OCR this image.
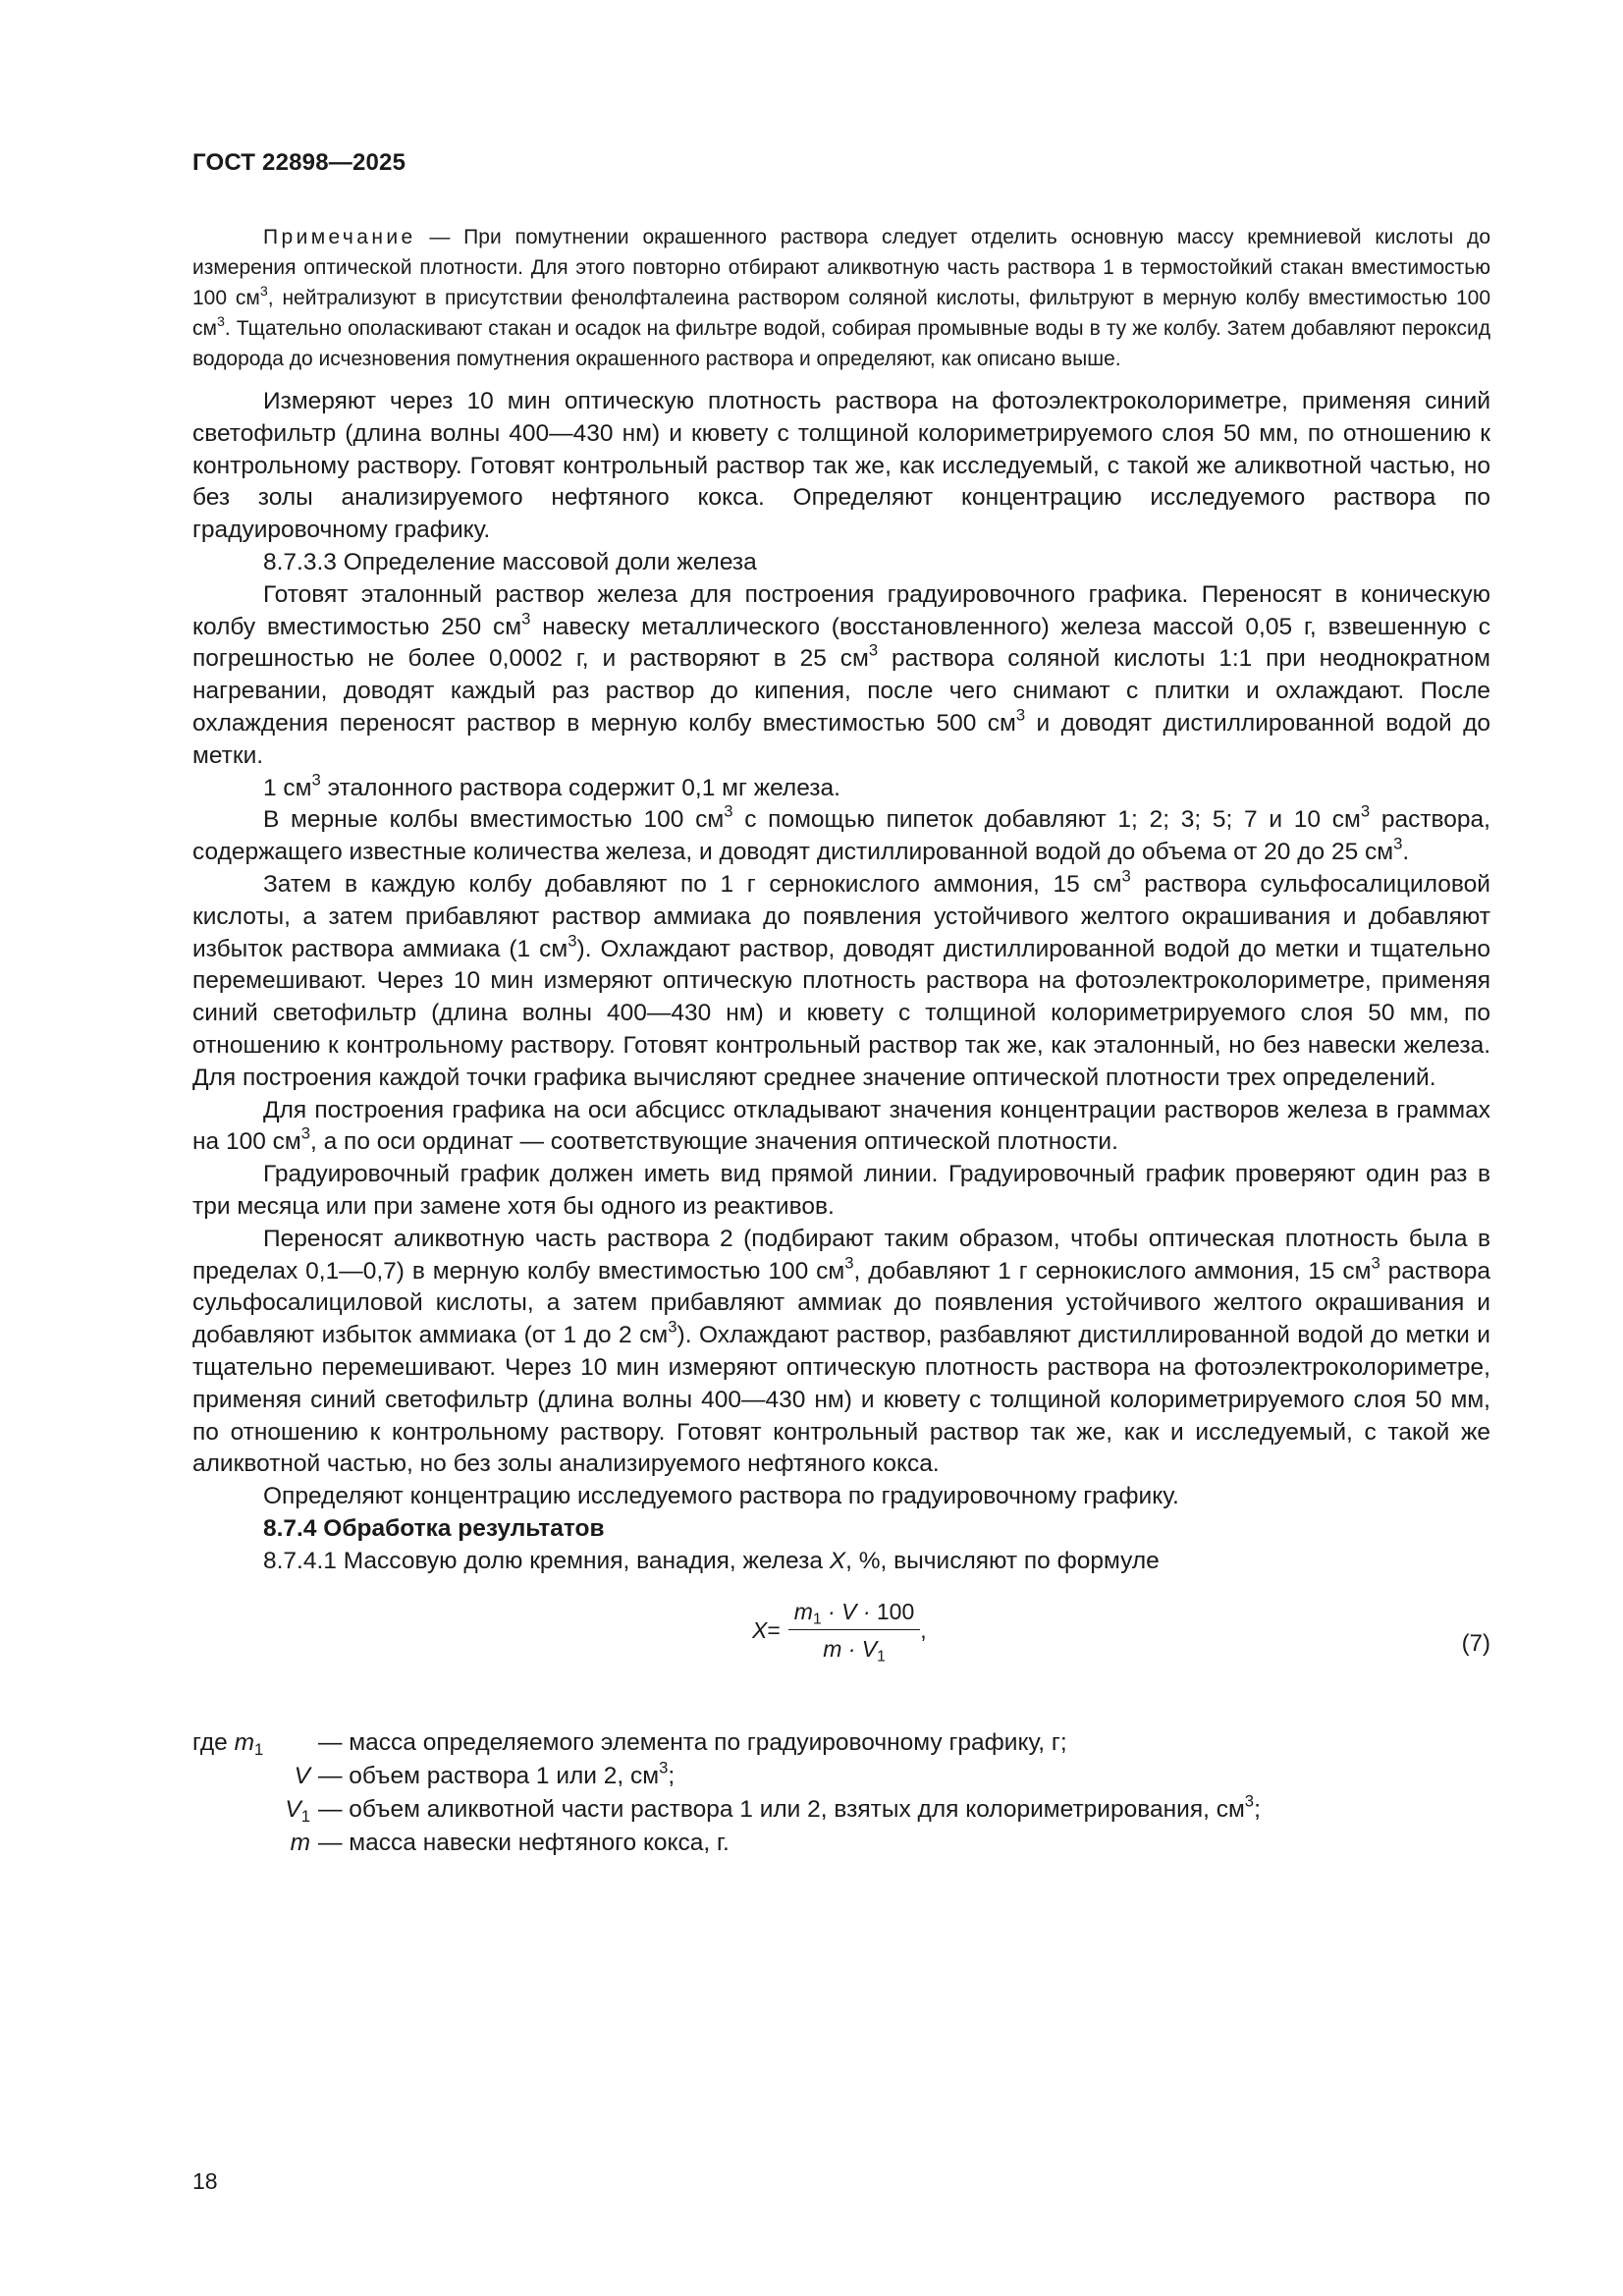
ГОСТ 22898—2025

Примечание — При помутнении окрашенного раствора следует отделить основную массу кремниевой кислоты до измерения оптической плотности. Для этого повторно отбирают аликвотную часть раствора 1 в термостойкий стакан вместимостью 100 $см^3$, нейтрализуют в присутствии фенолфталеина раствором соляной кислоты, фильтруют в мерную колбу вместимостью 100 $см^3$. Тщательно ополаскивают стакан и осадок на фильтре водой, собирая промывные воды в ту же колбу. Затем добавляют пероксид водорода до исчезновения помутнения окрашенного раствора и определяют, как описано выше.

Измеряют через 10 мин оптическую плотность раствора на фотоэлектроколориметре, применяя синий светофильтр (длина волны 400—430 нм) и кювету с толщиной колориметрируемого слоя 50 мм, по отношению к контрольному раствору. Готовят контрольный раствор так же, как исследуемый, с такой же аликвотной частью, но без золы анализируемого нефтяного кокса. Определяют концентрацию исследуемого раствора по градуировочному графику.

8.7.3.3 Определение массовой доли железа

Готовят эталонный раствор железа для построения градуировочного графика. Переносят в коническую колбу вместимостью 250 $см^3$ навеску металлического (восстановленного) железа массой 0,05 г, взвешенную с погрешностью не более 0,0002 г, и растворяют в 25 $см^3$ раствора соляной кислоты 1:1 при неоднократном нагревании, доводят каждый раз раствор до кипения, после чего снимают с плитки и охлаждают. После охлаждения переносят раствор в мерную колбу вместимостью 500 $см^3$ и доводят дистиллированной водой до метки.

1 $см^3$ эталонного раствора содержит 0,1 мг железа.

В мерные колбы вместимостью 100 $см^3$ с помощью пипеток добавляют 1; 2; 3; 5; 7 и 10 $см^3$ раствора, содержащего известные количества железа, и доводят дистиллированной водой до объема от 20 до 25 $см^3$.

Затем в каждую колбу добавляют по 1 г сернокислого аммония, 15 $см^3$ раствора сульфосалициловой кислоты, а затем прибавляют раствор аммиака до появления устойчивого желтого окрашивания и добавляют избыток раствора аммиака (1 $см^3$). Охлаждают раствор, доводят дистиллированной водой до метки и тщательно перемешивают. Через 10 мин измеряют оптическую плотность раствора на фотоэлектроколориметре, применяя синий светофильтр (длина волны 400—430 нм) и кювету с толщиной колориметрируемого слоя 50 мм, по отношению к контрольному раствору. Готовят контрольный раствор так же, как эталонный, но без навески железа. Для построения каждой точки графика вычисляют среднее значение оптической плотности трех определений.

Для построения графика на оси абсцисс откладывают значения концентрации растворов железа в граммах на 100 $см^3$, а по оси ординат — соответствующие значения оптической плотности.

Градуировочный график должен иметь вид прямой линии. Градуировочный график проверяют один раз в три месяца или при замене хотя бы одного из реактивов.

Переносят аликвотную часть раствора 2 (подбирают таким образом, чтобы оптическая плотность была в пределах 0,1—0,7) в мерную колбу вместимостью 100 $см^3$, добавляют 1 г сернокислого аммония, 15 $см^3$ раствора сульфосалициловой кислоты, а затем прибавляют аммиак до появления устойчивого желтого окрашивания и добавляют избыток аммиака (от 1 до 2 $см^3$). Охлаждают раствор, разбавляют дистиллированной водой до метки и тщательно перемешивают. Через 10 мин измеряют оптическую плотность раствора на фотоэлектроколориметре, применяя синий светофильтр (длина волны 400—430 нм) и кювету с толщиной колориметрируемого слоя 50 мм, по отношению к контрольному раствору. Готовят контрольный раствор так же, как и исследуемый, с такой же аликвотной частью, но без золы анализируемого нефтяного кокса.

Определяют концентрацию исследуемого раствора по градуировочному графику.

8.7.4 Обработка результатов

8.7.4.1 Массовую долю кремния, ванадия, железа X, %, вычисляют по формуле

$X = \frac{m_1 \cdot V \cdot 100}{m \cdot V_1}$ ,	(7)
где $m_1$	— масса определяемого элемента по градуировочному графику, г;
V — объем раствора 1 или 2, $см^3$;
$V_1$ — объем аликвотной части раствора 1 или 2, взятых для колориметрирования, $см^3$;
m — масса навески нефтяного кокса, г.
18
